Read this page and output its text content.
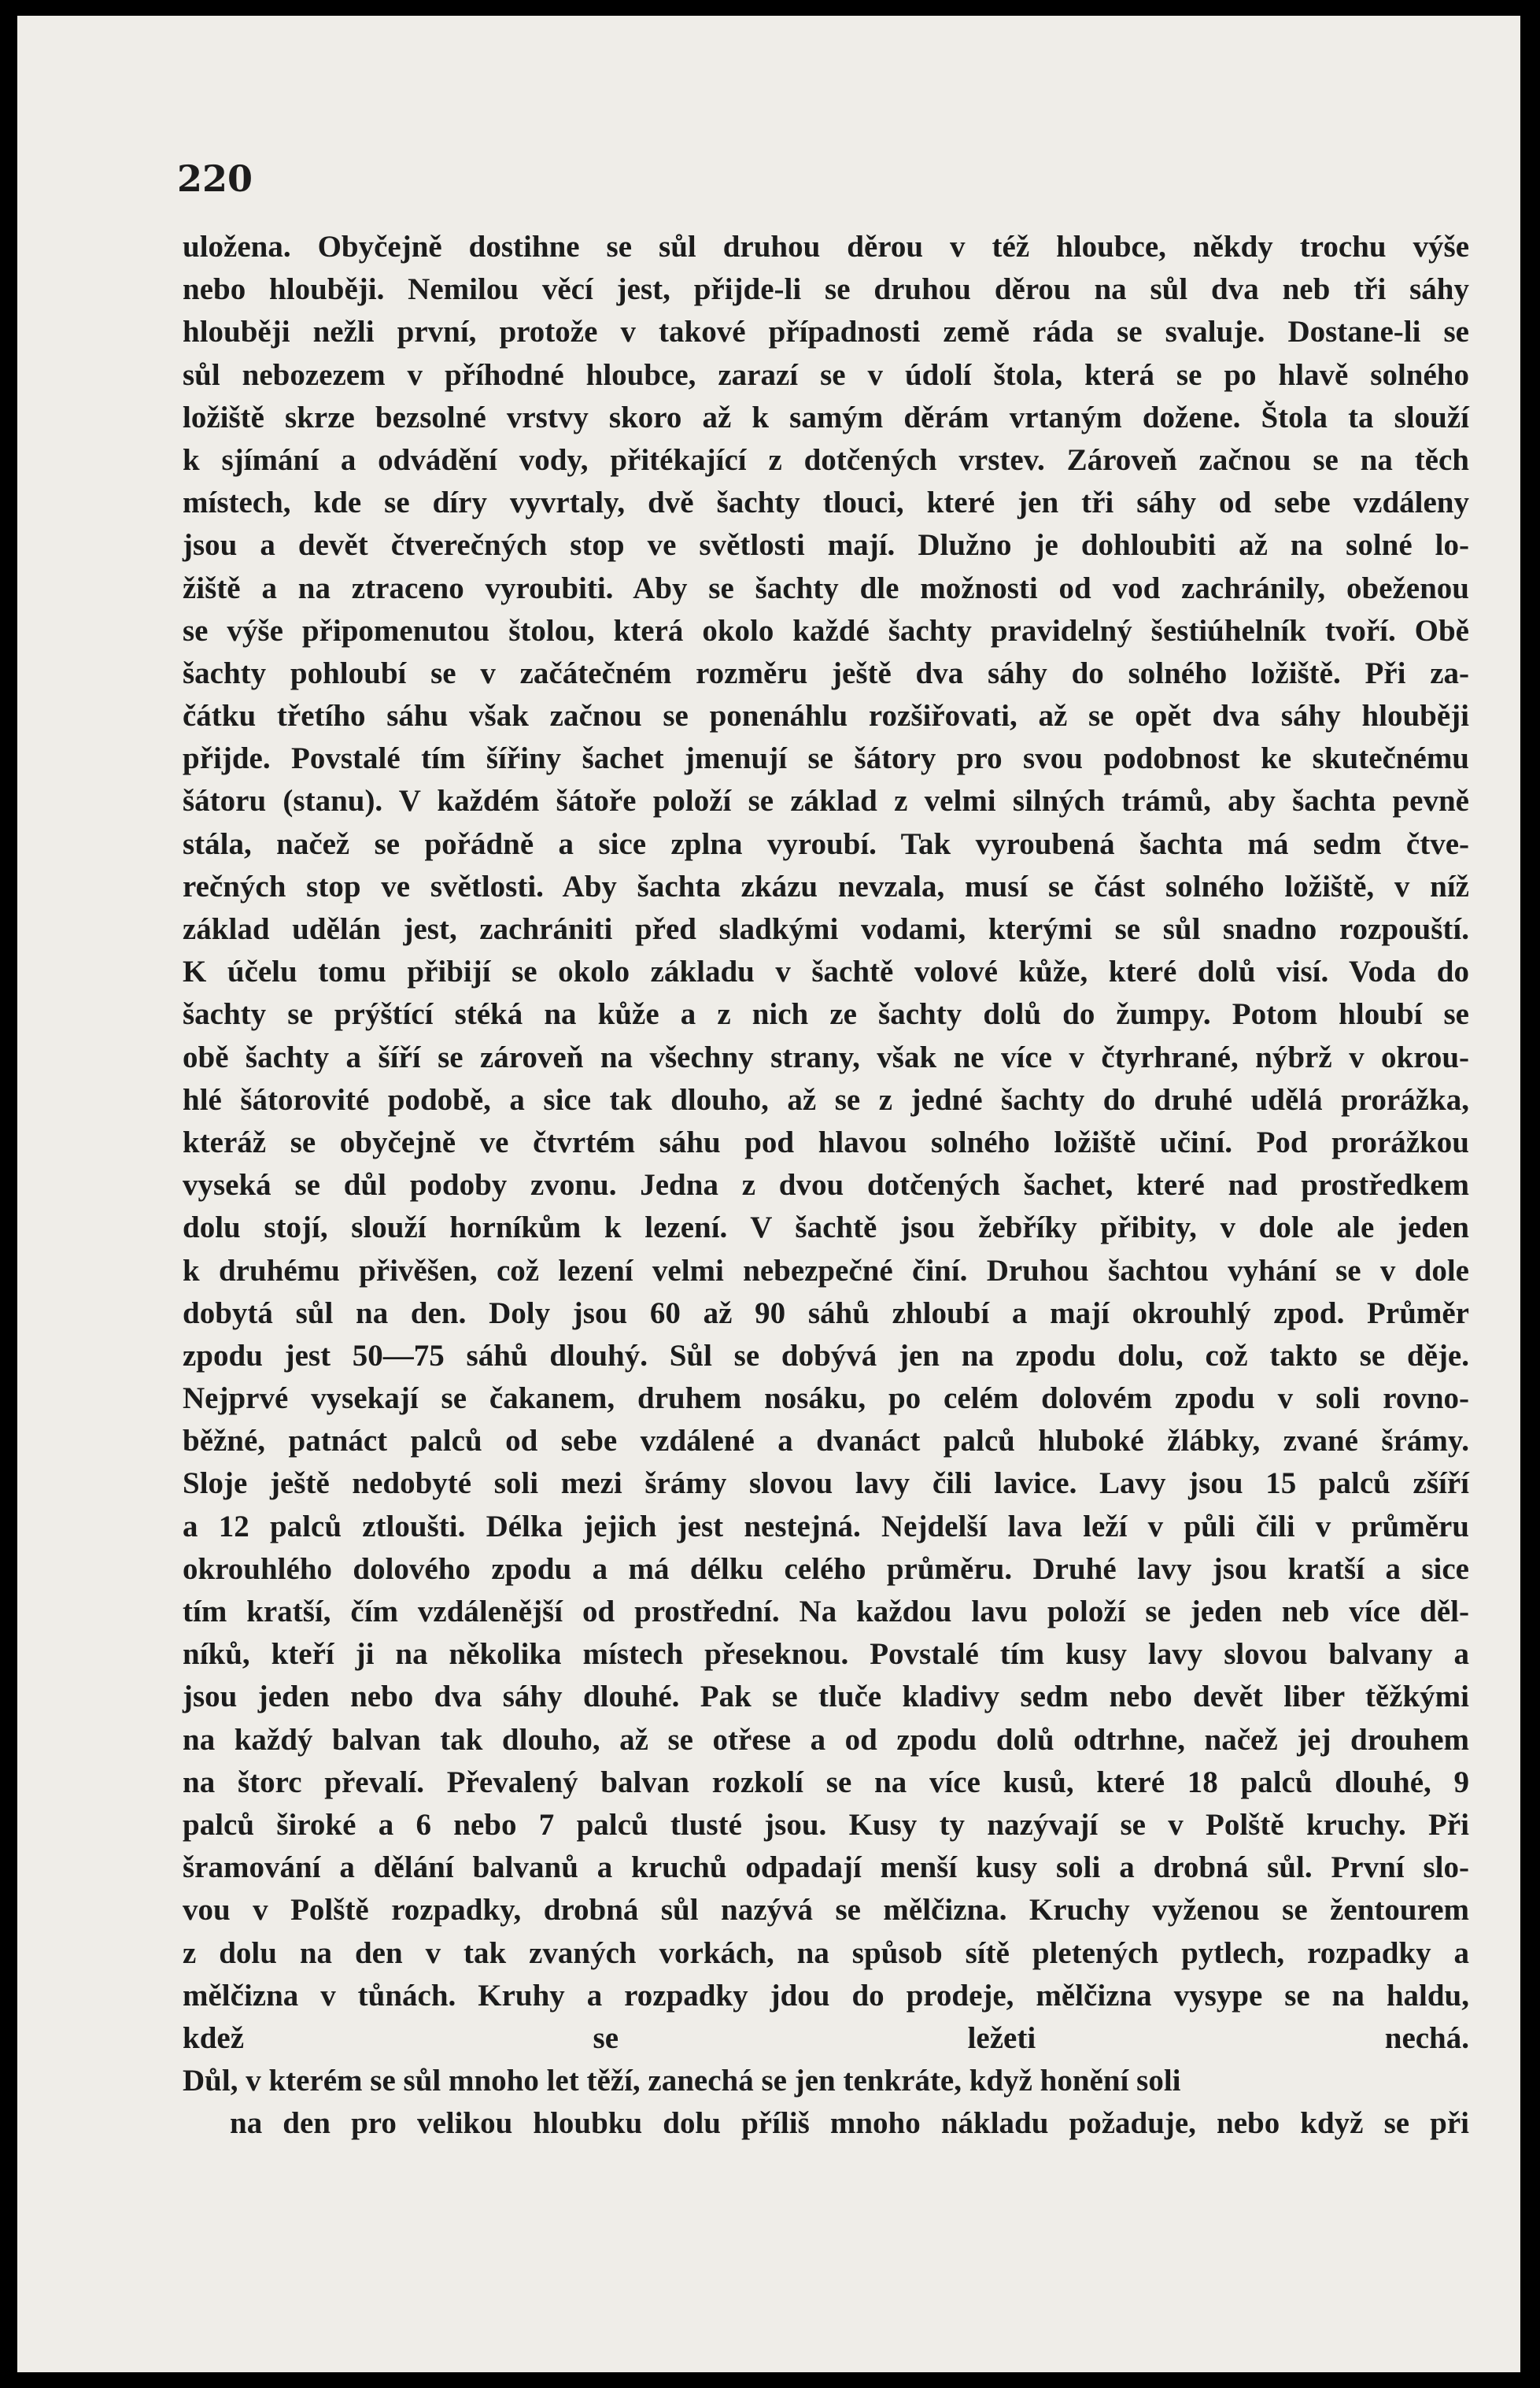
220

uložena. Obyčejně dostihne se sůl druhou děrou v též hloubce, někdy trochu výše
nebo hlouběji. Nemilou věcí jest, přijde-li se druhou děrou na sůl dva neb tři sáhy
hlouběji nežli první, protože v takové případnosti země ráda se svaluje. Dostane-li se
sůl nebozezem v příhodné hloubce, zarazí se v údolí štola, která se po hlavě solného
ložiště skrze bezsolné vrstvy skoro až k samým děrám vrtaným dožene. Štola ta slouží
k sjímání a odvádění vody, přitékající z dotčených vrstev. Zároveň začnou se na těch
místech, kde se díry vyvrtaly, dvě šachty tlouci, které jen tři sáhy od sebe vzdáleny
jsou a devět čtverečných stop ve světlosti mají. Dlužno je dohloubiti až na solné lo-
žiště a na ztraceno vyroubiti. Aby se šachty dle možnosti od vod zachránily, obeženou
se výše připomenutou štolou, která okolo každé šachty pravidelný šestiúhelník tvoří. Obě
šachty pohloubí se v začátečném rozměru ještě dva sáhy do solného ložiště. Při za-
čátku třetího sáhu však začnou se ponenáhlu rozšiřovati, až se opět dva sáhy hlouběji
přijde. Povstalé tím šířiny šachet jmenují se šátory pro svou podobnost ke skutečnému
šátoru (stanu). V každém šátoře položí se základ z velmi silných trámů, aby šachta pevně
stála, načež se pořádně a sice zplna vyroubí. Tak vyroubená šachta má sedm čtve-
rečných stop ve světlosti. Aby šachta zkázu nevzala, musí se část solného ložiště, v níž
základ udělán jest, zachrániti před sladkými vodami, kterými se sůl snadno rozpouští.
K účelu tomu přibijí se okolo základu v šachtě volové kůže, které dolů visí. Voda do
šachty se prýštící stéká na kůže a z nich ze šachty dolů do žumpy. Potom hloubí se
obě šachty a šíří se zároveň na všechny strany, však ne více v čtyrhrané, nýbrž v okrou-
hlé šátorovité podobě, a sice tak dlouho, až se z jedné šachty do druhé udělá prorážka,
kteráž se obyčejně ve čtvrtém sáhu pod hlavou solného ložiště učiní. Pod prorážkou
vyseká se důl podoby zvonu. Jedna z dvou dotčených šachet, které nad prostředkem
dolu stojí, slouží horníkům k lezení. V šachtě jsou žebříky přibity, v dole ale jeden
k druhému přivěšen, což lezení velmi nebezpečné činí. Druhou šachtou vyhání se v dole
dobytá sůl na den. Doly jsou 60 až 90 sáhů zhloubí a mají okrouhlý zpod. Průměr
zpodu jest 50—75 sáhů dlouhý. Sůl se dobývá jen na zpodu dolu, což takto se děje.
Nejprvé vysekají se čakanem, druhem nosáku, po celém dolovém zpodu v soli rovno-
běžné, patnáct palců od sebe vzdálené a dvanáct palců hluboké žlábky, zvané šrámy.
Sloje ještě nedobyté soli mezi šrámy slovou lavy čili lavice. Lavy jsou 15 palců zšíří
a 12 palců ztloušti. Délka jejich jest nestejná. Nejdelší lava leží v půli čili v průměru
okrouhlého dolového zpodu a má délku celého průměru. Druhé lavy jsou kratší a sice
tím kratší, čím vzdálenější od prostřední. Na každou lavu položí se jeden neb více děl-
níků, kteří ji na několika místech přeseknou. Povstalé tím kusy lavy slovou balvany a
jsou jeden nebo dva sáhy dlouhé. Pak se tluče kladivy sedm nebo devět liber těžkými
na každý balvan tak dlouho, až se otřese a od zpodu dolů odtrhne, načež jej drouhem
na štorc převalí. Převalený balvan rozkolí se na více kusů, které 18 palců dlouhé, 9
palců široké a 6 nebo 7 palců tlusté jsou. Kusy ty nazývají se v Polště kruchy. Při
šramování a dělání balvanů a kruchů odpadají menší kusy soli a drobná sůl. První slo-
vou v Polště rozpadky, drobná sůl nazývá se mělčizna. Kruchy vyženou se žentourem
z dolu na den v tak zvaných vorkách, na spůsob sítě pletených pytlech, rozpadky a
mělčizna v tůnách. Kruhy a rozpadky jdou do prodeje, mělčizna vysype se na haldu,
kdež se ležeti nechá.
Důl, v kterém se sůl mnoho let těží, zanechá se jen tenkráte, když honění soli
na den pro velikou hloubku dolu příliš mnoho nákladu požaduje, nebo když se při
